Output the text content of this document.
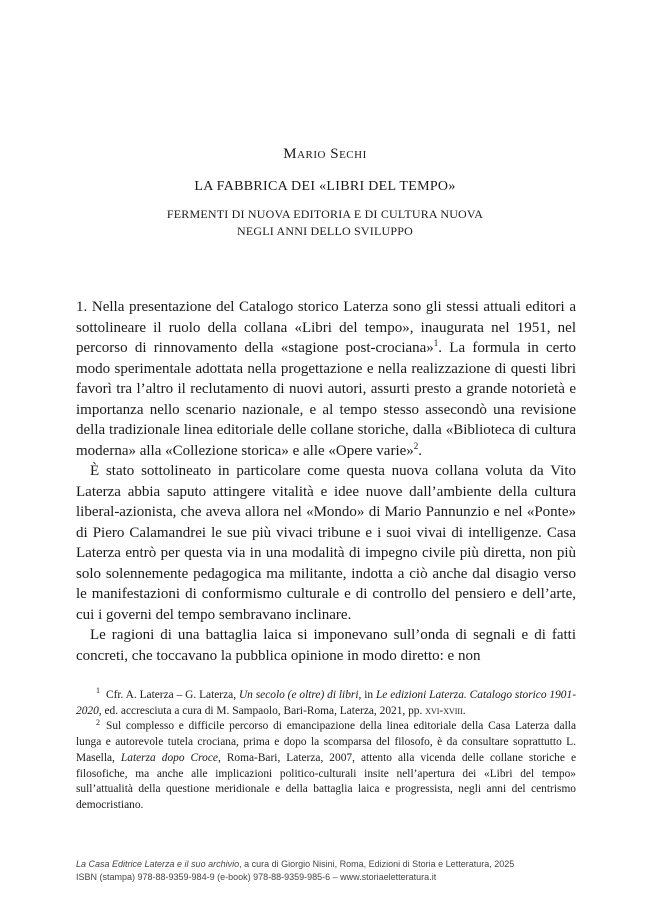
Mario Sechi
LA FABBRICA DEI «LIBRI DEL TEMPO»
FERMENTI DI NUOVA EDITORIA E DI CULTURA NUOVA
NEGLI ANNI DELLO SVILUPPO

1. Nella presentazione del Catalogo storico Laterza sono gli stessi attuali editori a sottolineare il ruolo della collana «Libri del tempo», inaugurata nel 1951, nel percorso di rinnovamento della «stagione post-crociana»$^1$. La formula in certo modo sperimentale adottata nella progettazione e nella realizzazione di questi libri favorì tra l’altro il reclutamento di nuovi autori, assurti presto a grande notorietà e importanza nello scenario nazionale, e al tempo stesso assecondò una revisione della tradizionale linea editoriale delle collane storiche, dalla «Biblioteca di cultura moderna» alla «Collezione storica» e alle «Opere varie»$^2$.

È stato sottolineato in particolare come questa nuova collana voluta da Vito Laterza abbia saputo attingere vitalità e idee nuove dall’ambiente della cultura liberal-azionista, che aveva allora nel «Mondo» di Mario Pannunzio e nel «Ponte» di Piero Calamandrei le sue più vivaci tribune e i suoi vivai di intelligenze. Casa Laterza entrò per questa via in una modalità di impegno civile più diretta, non più solo solennemente pedagogica ma militante, indotta a ciò anche dal disagio verso le manifestazioni di conformismo culturale e di controllo del pensiero e dell’arte, cui i governi del tempo sembravano inclinare.

Le ragioni di una battaglia laica si imponevano sull’onda di segnali e di fatti concreti, che toccavano la pubblica opinione in modo diretto: e non

$^1$ Cfr. A. Laterza – G. Laterza, Un secolo (e oltre) di libri, in Le edizioni Laterza. Catalogo storico 1901-2020, ed. accresciuta a cura di M. Sampaolo, Bari-Roma, Laterza, 2021, pp. xvi-xviii.

$^2$ Sul complesso e difficile percorso di emancipazione della linea editoriale della Casa Laterza dalla lunga e autorevole tutela crociana, prima e dopo la scomparsa del filosofo, è da consultare soprattutto L. Masella, Laterza dopo Croce, Roma-Bari, Laterza, 2007, attento alla vicenda delle collane storiche e filosofiche, ma anche alle implicazioni politico-culturali insite nell’apertura dei «Libri del tempo» sull’attualità della questione meridionale e della battaglia laica e progressista, negli anni del centrismo democristiano.

La Casa Editrice Laterza e il suo archivio, a cura di Giorgio Nisini, Roma, Edizioni di Storia e Letteratura, 2025
ISBN (stampa) 978-88-9359-984-9 (e-book) 978-88-9359-985-6 – www.storiaeletteratura.it
